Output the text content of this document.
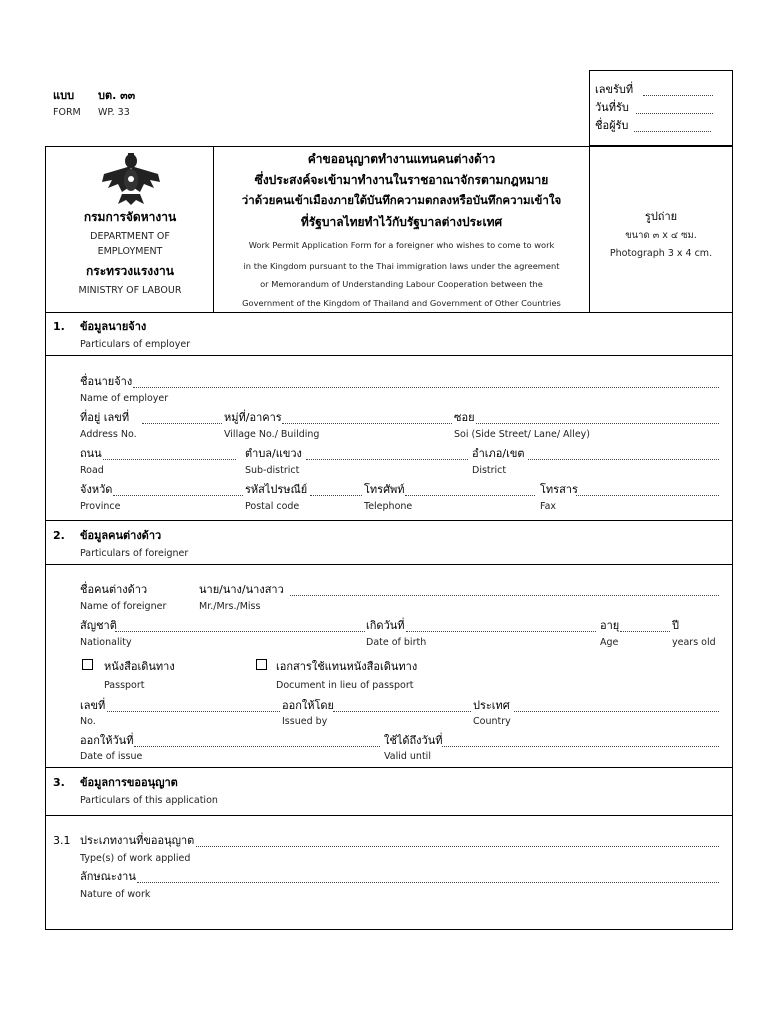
แบบ บต. ๓๓
FORM WP. 33
เลขรับที่
วันที่รับ
ชื่อผู้รับ
กรมการจัดหางาน
DEPARTMENT OF
EMPLOYMENT
กระทรวงแรงงาน
MINISTRY OF LABOUR
คำขออนุญาตทำงานแทนคนต่างด้าว
ซึ่งประสงค์จะเข้ามาทำงานในราชอาณาจักรตามกฎหมาย
ว่าด้วยคนเข้าเมืองภายใต้บันทึกความตกลงหรือบันทึกความเข้าใจ
ที่รัฐบาลไทยทำไว้กับรัฐบาลต่างประเทศ
Work Permit Application Form for a foreigner who wishes to come to work
in the Kingdom pursuant to the Thai immigration laws under the agreement
or Memorandum of Understanding Labour Cooperation between the
Government of the Kingdom of Thailand and Government of Other Countries
รูปถ่าย
ขนาด ๓ x ๔ ซม.
Photograph 3 x 4 cm.
1. ข้อมูลนายจ้าง
Particulars of employer
ชื่อนายจ้าง
Name of employer
ที่อยู่ เลขที่
Address No.
หมู่ที่/อาคาร
Village No./ Building
ซอย
Soi (Side Street/ Lane/ Alley)
ถนน
Road
ตำบล/แขวง
Sub-district
อำเภอ/เขต
District
จังหวัด
Province
รหัสไปรษณีย์
Postal code
โทรศัพท์
Telephone
โทรสาร
Fax
2. ข้อมูลคนต่างด้าว
Particulars of foreigner
ชื่อคนต่างด้าว
Name of foreigner
นาย/นาง/นางสาว
Mr./Mrs./Miss
สัญชาติ
Nationality
เกิดวันที่
Date of birth
อายุ
Age
ปี
years old
หนังสือเดินทาง
Passport
เอกสารใช้แทนหนังสือเดินทาง
Document in lieu of passport
เลขที่
No.
ออกให้โดย
Issued by
ประเทศ
Country
ออกให้วันที่
Date of issue
ใช้ได้ถึงวันที่
Valid until
3. ข้อมูลการขออนุญาต
Particulars of this application
3.1 ประเภทงานที่ขออนุญาต
Type(s) of work applied
ลักษณะงาน
Nature of work
